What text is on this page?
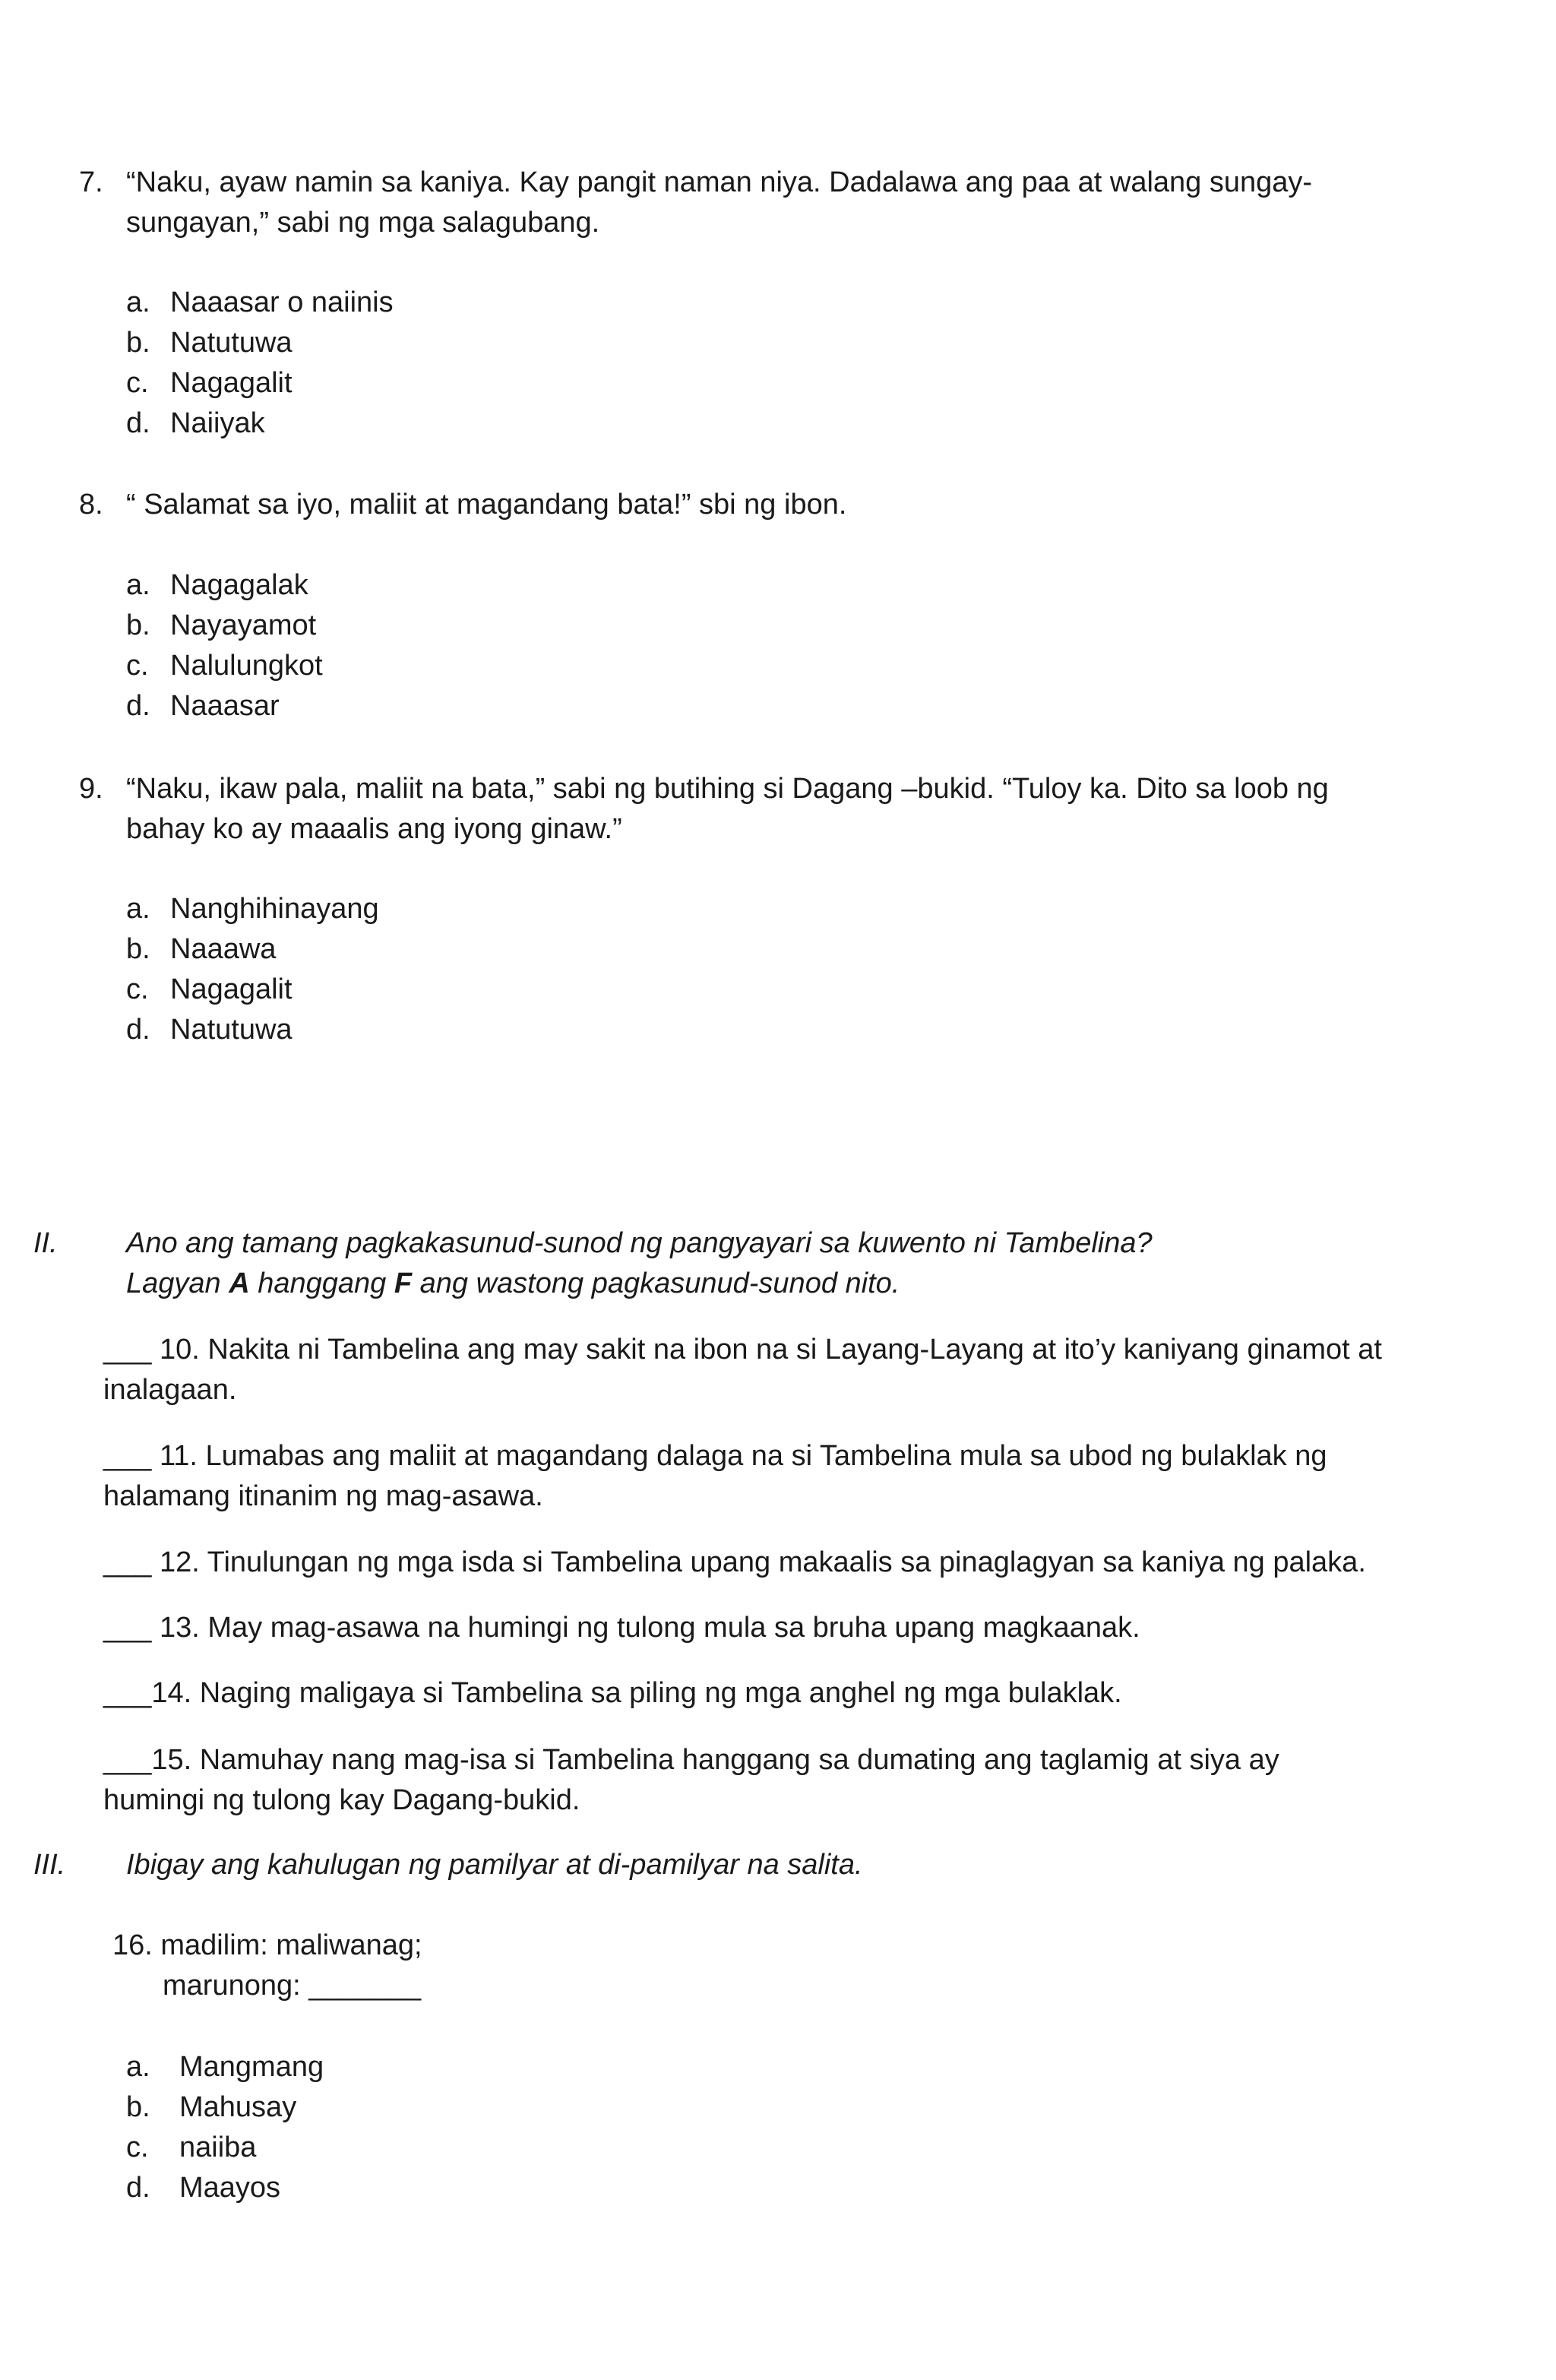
7. “Naku, ayaw namin sa kaniya. Kay pangit naman niya. Dadalawa ang paa at walang sungay-
sungayan,” sabi ng mga salagubang.
a. Naaasar o naiinis
b. Natutuwa
c. Nagagalit
d. Naiiyak
8. “ Salamat sa iyo, maliit at magandang bata!” sbi ng ibon.
a. Nagagalak
b. Nayayamot
c. Nalulungkot
d. Naaasar
9. “Naku, ikaw pala, maliit na bata,” sabi ng butihing si Dagang –bukid. “Tuloy ka. Dito sa loob ng
bahay ko ay maaalis ang iyong ginaw.”
a. Nanghihinayang
b. Naaawa
c. Nagagalit
d. Natutuwa
II. Ano ang tamang pagkakasunud-sunod ng pangyayari sa kuwento ni Tambelina?
Lagyan A hanggang F ang wastong pagkasunud-sunod nito.
___ 10. Nakita ni Tambelina ang may sakit na ibon na si Layang-Layang at ito’y kaniyang ginamot at
inalagaan.
___ 11. Lumabas ang maliit at magandang dalaga na si Tambelina mula sa ubod ng bulaklak ng
halamang itinanim ng mag-asawa.
___ 12. Tinulungan ng mga isda si Tambelina upang makaalis sa pinaglagyan sa kaniya ng palaka.
___ 13. May mag-asawa na humingi ng tulong mula sa bruha upang magkaanak.
___14. Naging maligaya si Tambelina sa piling ng mga anghel ng mga bulaklak.
___15. Namuhay nang mag-isa si Tambelina hanggang sa dumating ang taglamig at siya ay
humingi ng tulong kay Dagang-bukid.
III. Ibigay ang kahulugan ng pamilyar at di-pamilyar na salita.
16. madilim: maliwanag;
marunong: _______
a. Mangmang
b. Mahusay
c. naiiba
d. Maayos
